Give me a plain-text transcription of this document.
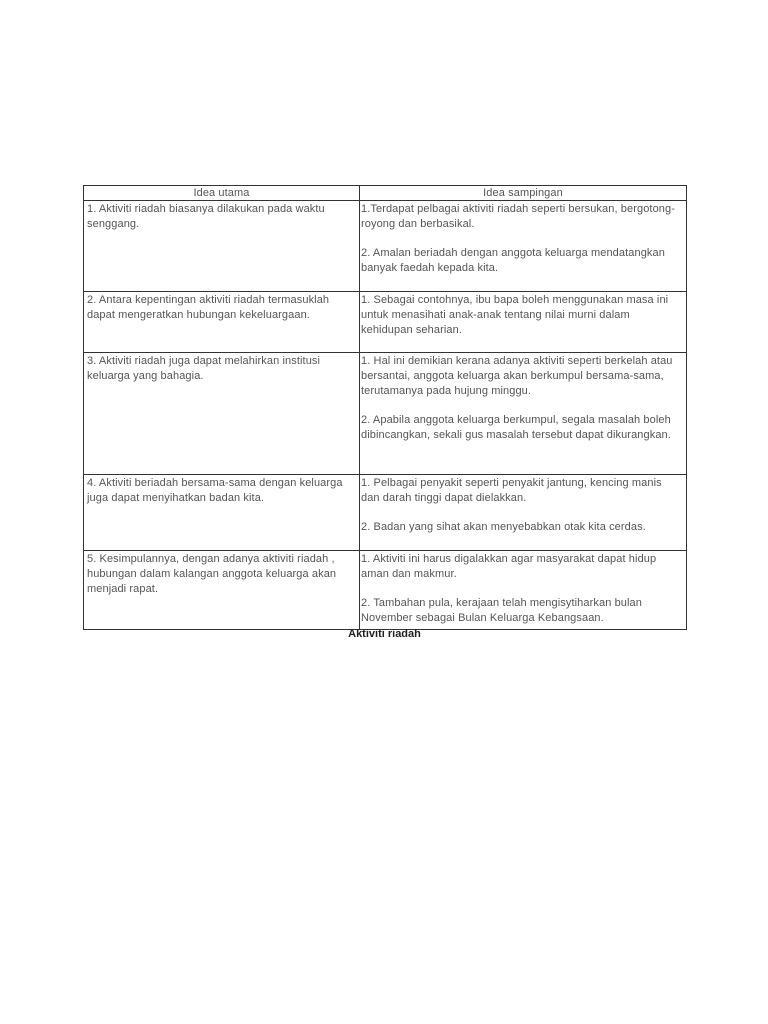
Idea utama	Idea sampingan

1. Aktiviti riadah biasanya dilakukan pada waktu senggang.	1.Terdapat pelbagai aktiviti riadah seperti bersukan, bergotong-royong dan berbasikal.
2. Amalan beriadah dengan anggota keluarga mendatangkan banyak faedah kepada kita.

2. Antara kepentingan aktiviti riadah termasuklah dapat mengeratkan hubungan kekeluargaan.	1. Sebagai contohnya, ibu bapa boleh menggunakan masa ini untuk menasihati anak-anak tentang nilai murni dalam kehidupan seharian.

3. Aktiviti riadah juga dapat melahirkan institusi keluarga yang bahagia.	1. Hal ini demikian kerana adanya aktiviti seperti berkelah atau bersantai, anggota keluarga akan berkumpul bersama-sama, terutamanya pada hujung minggu.
2. Apabila anggota keluarga berkumpul, segala masalah boleh dibincangkan, sekali gus masalah tersebut dapat dikurangkan.

4. Aktiviti beriadah bersama-sama dengan keluarga juga dapat menyihatkan badan kita.	1. Pelbagai penyakit seperti penyakit jantung, kencing manis dan darah tinggi dapat dielakkan.
2. Badan yang sihat akan menyebabkan otak kita cerdas.

5. Kesimpulannya, dengan adanya aktiviti riadah , hubungan dalam kalangan anggota keluarga akan menjadi rapat.	1. Aktiviti ini harus digalakkan agar masyarakat dapat hidup aman dan makmur.
2. Tambahan pula, kerajaan telah mengisytiharkan bulan November sebagai Bulan Keluarga Kebangsaan.
Aktiviti riadah
